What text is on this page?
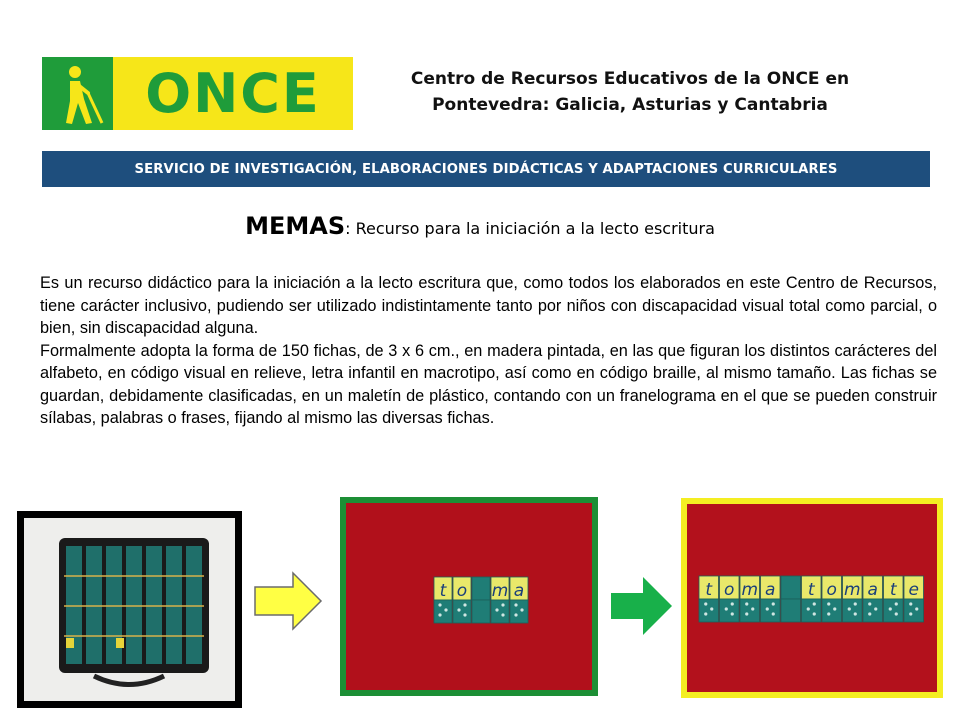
ONCE	Centro de Recursos Educativos de la ONCE en
Pontevedra: Galicia, Asturias y Cantabria
SERVICIO DE INVESTIGACIÓN, ELABORACIONES DIDÁCTICAS Y ADAPTACIONES CURRICULARES
MEMAS: Recurso para la iniciación a la lecto escritura

Es un recurso didáctico para la iniciación a la lecto escritura que, como todos los elaborados en este Centro de Recursos, tiene carácter inclusivo, pudiendo ser utilizado indistintamente tanto por niños con discapacidad visual total como parcial, o bien, sin discapacidad alguna.

Formalmente adopta la forma de 150 fichas, de 3 x 6 cm., en madera pintada, en las que figuran los distintos carácteres del alfabeto, en código visual en relieve, letra infantil en macrotipo, así como en código braille, al mismo tamaño. Las fichas se guardan, debidamente clasificadas, en un maletín de plástico, contando con un franelograma en el que se pueden construir sílabas, palabras o frases, fijando al mismo las diversas fichas.

t o m a	t o m a t o m a t e
